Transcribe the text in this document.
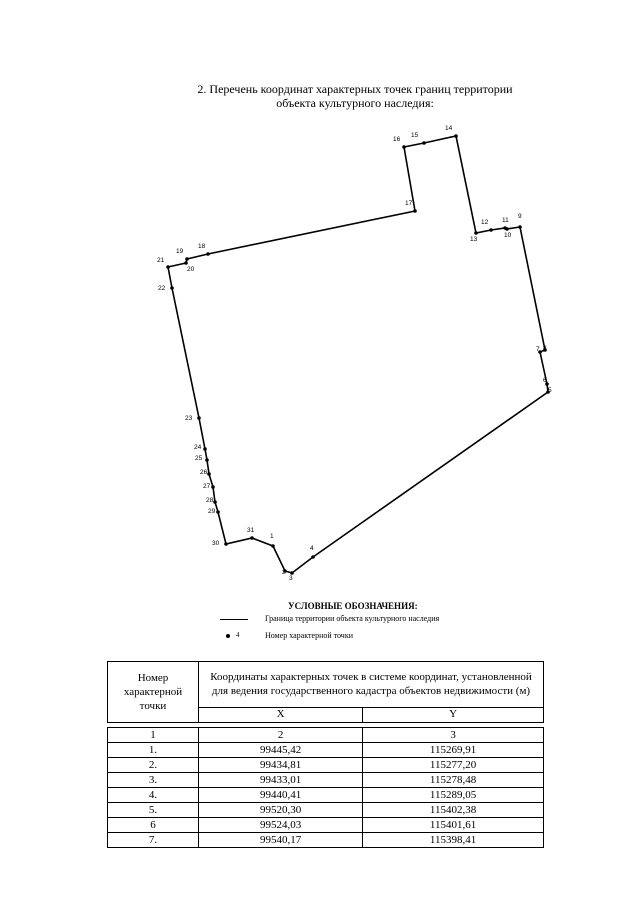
2. Перечень координат характерных точек границ территории
объекта культурного наследия:
1
2
3
4
5
6
7 8
9
10
11
12
13
14
15
16
17
18
19
20
21
22
23
24
25
26
27
28
29
30
31
УСЛОВНЫЕ ОБОЗНАЧЕНИЯ:
Граница территории объекта культурного наследия
4	Номер характерной точки
Номер характерной точки	Координаты характерных точек в системе координат, установленной для ведения государственного кадастра объектов недвижимости (м)	
	X	Y

1	2	3
1.	99445,42	115269,91
2.	99434,81	115277,20
3.	99433,01	115278,48
4.	99440,41	115289,05
5.	99520,30	115402,38
6	99524,03	115401,61
7.	99540,17	115398,41
